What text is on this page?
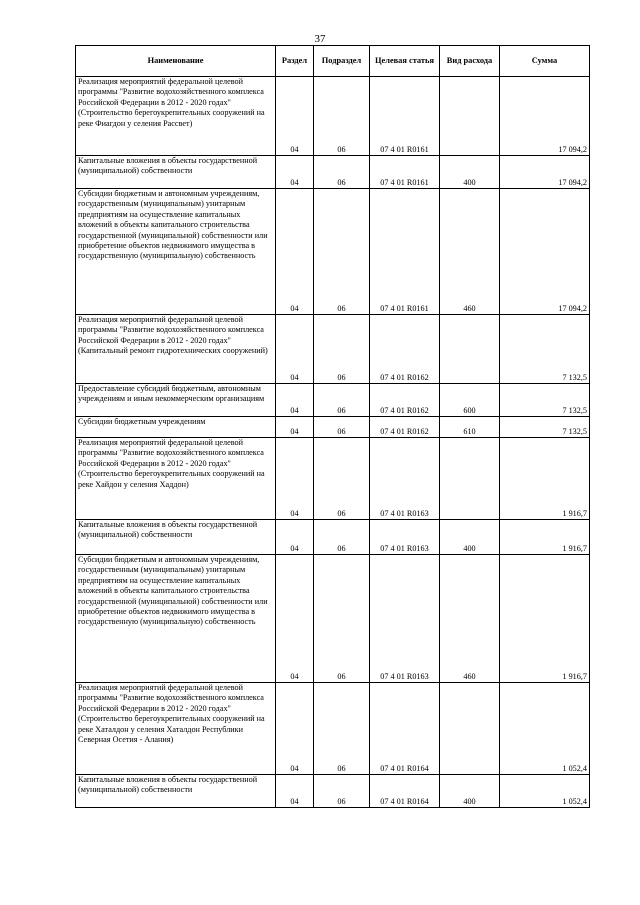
37
Наименование	Раздел	Подраздел	Целевая статья	Вид расхода	Сумма
Реализация мероприятий федеральной целевой программы "Развитие водохозяйственного комплекса Российской Федерации в 2012 - 2020 годах" (Строительство берегоукрепительных сооружений на реке Фиагдон у селения Рассвет)	04	06	07 4 01 R0161		17 094,2
Капитальные вложения в объекты государственной (муниципальной) собственности	04	06	07 4 01 R0161	400	17 094,2
Субсидии бюджетным и автономным учреждениям, государственным (муниципальным) унитарным предприятиям на осуществление капитальных вложений в объекты капитального строительства государственной (муниципальной) собственности или приобретение объектов недвижимого имущества в государственную (муниципальную) собственность	04	06	07 4 01 R0161	460	17 094,2
Реализация мероприятий федеральной целевой программы "Развитие водохозяйственного комплекса Российской Федерации в 2012 - 2020 годах" (Капитальный ремонт гидротехнических сооружений)	04	06	07 4 01 R0162		7 132,5
Предоставление субсидий бюджетным, автономным учреждениям и иным некоммерческим организациям	04	06	07 4 01 R0162	600	7 132,5
Субсидии бюджетным учреждениям	04	06	07 4 01 R0162	610	7 132,5
Реализация мероприятий федеральной целевой программы "Развитие водохозяйственного комплекса Российской Федерации в 2012 - 2020 годах" (Строительство берегоукрепительных сооружений на реке Хайдон у селения Хаддон)	04	06	07 4 01 R0163		1 916,7
Капитальные вложения в объекты государственной (муниципальной) собственности	04	06	07 4 01 R0163	400	1 916,7
Субсидии бюджетным и автономным учреждениям, государственным (муниципальным) унитарным предприятиям на осуществление капитальных вложений в объекты капитального строительства государственной (муниципальной) собственности или приобретение объектов недвижимого имущества в государственную (муниципальную) собственность	04	06	07 4 01 R0163	460	1 916,7
Реализация мероприятий федеральной целевой программы "Развитие водохозяйственного комплекса Российской Федерации в 2012 - 2020 годах" (Строительство берегоукрепительных сооружений на реке Хаталдон у селения Хаталдон Республики Северная Осетия - Алания)	04	06	07 4 01 R0164		1 052,4
Капитальные вложения в объекты государственной (муниципальной) собственности	04	06	07 4 01 R0164	400	1 052,4
